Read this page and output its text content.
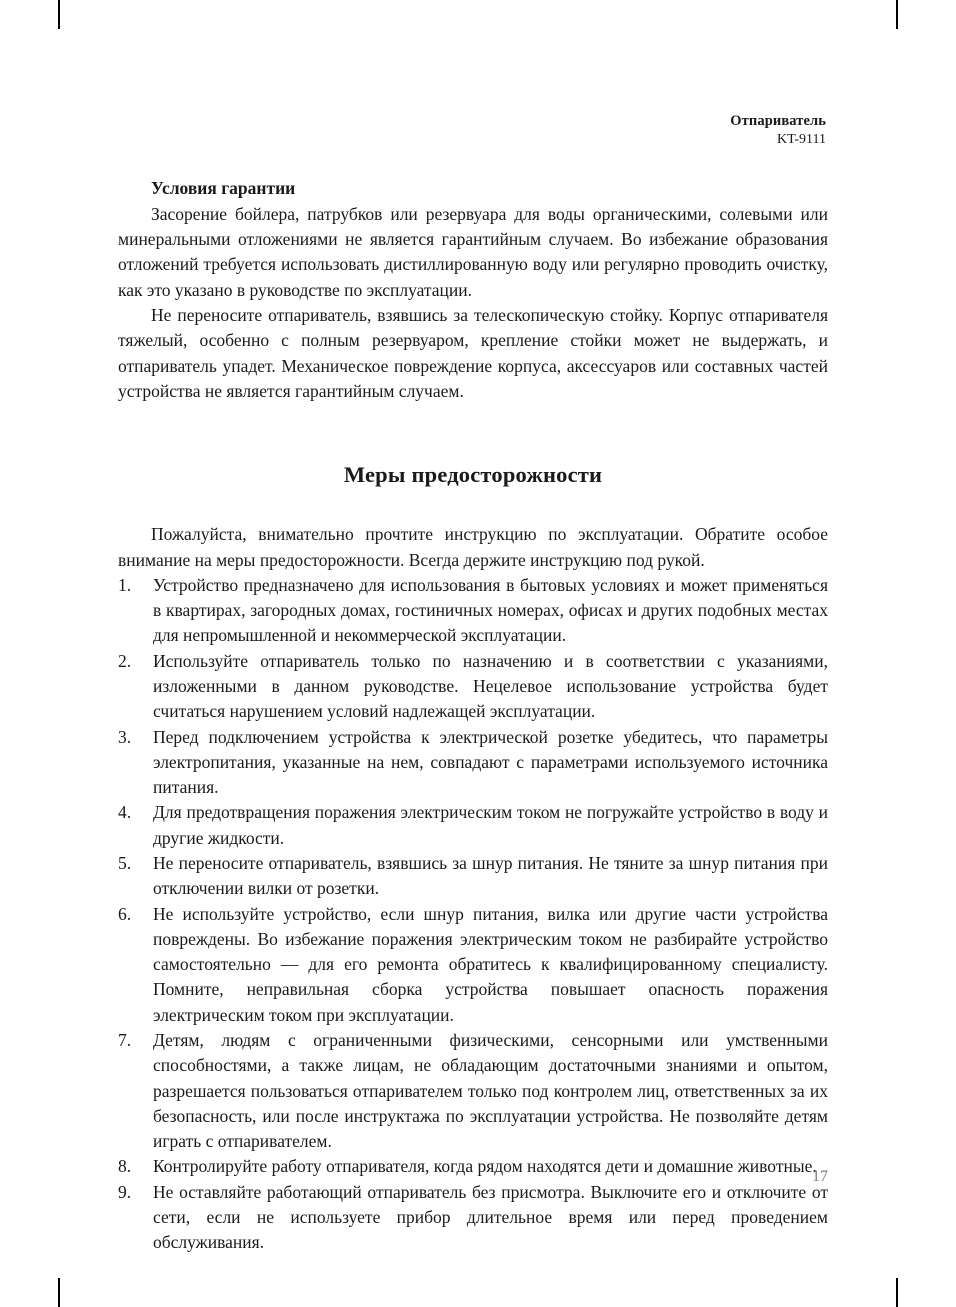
Отпариватель
KT-9111
Условия гарантии

Засорение бойлера, патрубков или резервуара для воды органическими, солевыми или минеральными отложениями не является гарантийным случаем. Во избежание образования отложений требуется использовать дистиллированную воду или регулярно проводить очистку, как это указано в руководстве по эксплуатации.

Не переносите отпариватель, взявшись за телескопическую стойку. Корпус отпаривателя тяжелый, особенно с полным резервуаром, крепление стойки может не выдержать, и отпариватель упадет. Механическое повреждение корпуса, аксессуаров или составных частей устройства не является гарантийным случаем.

Меры предосторожности

Пожалуйста, внимательно прочтите инструкцию по эксплуатации. Обратите особое внимание на меры предосторожности. Всегда держите инструкцию под рукой.

1.	Устройство предназначено для использования в бытовых условиях и может применяться в квартирах, загородных домах, гостиничных номерах, офисах и других подобных местах для непромышленной и некоммерческой эксплуатации.
2.	Используйте отпариватель только по назначению и в соответствии с указаниями, изложенными в данном руководстве. Нецелевое использование устройства будет считаться нарушением условий надлежащей эксплуатации.
3.	Перед подключением устройства к электрической розетке убедитесь, что параметры электропитания, указанные на нем, совпадают с параметрами используемого источника питания.
4.	Для предотвращения поражения электрическим током не погружайте устройство в воду и другие жидкости.
5.	Не переносите отпариватель, взявшись за шнур питания. Не тяните за шнур питания при отключении вилки от розетки.
6.	Не используйте устройство, если шнур питания, вилка или другие части устройства повреждены. Во избежание поражения электрическим током не разбирайте устройство самостоятельно — для его ремонта обратитесь к квалифицированному специалисту. Помните, неправильная сборка устройства повышает опасность поражения электрическим током при эксплуатации.
7.	Детям, людям с ограниченными физическими, сенсорными или умственными способностями, а также лицам, не обладающим достаточными знаниями и опытом, разрешается пользоваться отпаривателем только под контролем лиц, ответственных за их безопасность, или после инструктажа по эксплуатации устройства. Не позволяйте детям играть с отпаривателем.
8.	Контролируйте работу отпаривателя, когда рядом находятся дети и домашние животные.
9.	Не оставляйте работающий отпариватель без присмотра. Выключите его и отключите от сети, если не используете прибор длительное время или перед проведением обслуживания.
17
